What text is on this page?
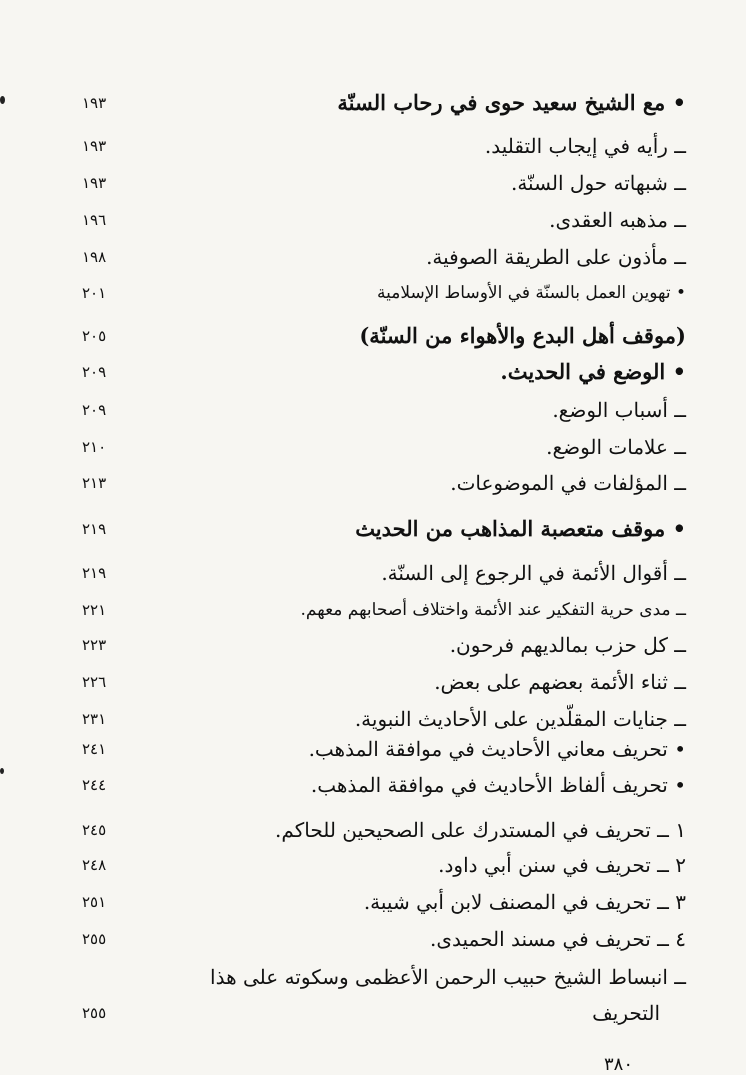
• مع الشيخ سعيد حوى في رحاب السنّة
١٩٣
ــ رأيه في إيجاب التقليد.
١٩٣
ــ شبهاته حول السنّة.
١٩٣
ــ مذهبه العقدى.
١٩٦
ــ مأذون على الطريقة الصوفية.
١٩٨
• تهوين العمل بالسنّة في الأوساط الإسلامية
٢٠١
(موقف أهل البدع والأهواء من السنّة)
٢٠٥
• الوضع في الحديث.
٢٠٩
ــ أسباب الوضع.
٢٠٩
ــ علامات الوضع.
٢١٠
ــ المؤلفات في الموضوعات.
٢١٣
• موقف متعصبة المذاهب من الحديث
٢١٩
ــ أقوال الأئمة في الرجوع إلى السنّة.
٢١٩
ــ مدى حرية التفكير عند الأئمة واختلاف أصحابهم معهم.
٢٢١
ــ كل حزب بمالديهم فرحون.
٢٢٣
ــ ثناء الأئمة بعضهم على بعض.
٢٢٦
ــ جنايات المقلّدين على الأحاديث النبوية.
٢٣١
• تحريف معاني الأحاديث في موافقة المذهب.
٢٤١
• تحريف ألفاظ الأحاديث في موافقة المذهب.
٢٤٤
١ ــ تحريف في المستدرك على الصحيحين للحاكم.
٢٤٥
٢ ــ تحريف في سنن أبي داود.
٢٤٨
٣ ــ تحريف في المصنف لابن أبي شيبة.
٢٥١
٤ ــ تحريف في مسند الحميدى.
٢٥٥
ــ انبساط الشيخ حبيب الرحمن الأعظمى وسكوته على هذا
التحريف
٢٥٥
٣٨٠
